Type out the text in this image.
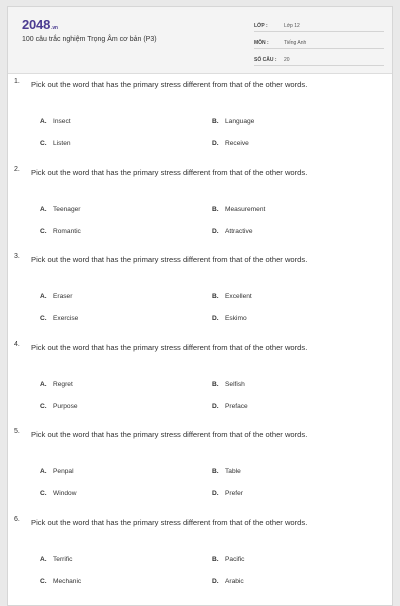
2048.vn
100 câu trắc nghiệm Trọng Âm cơ bản (P3)
LỚP :	Lớp 12
MÔN :	Tiếng Anh
SỐ CÂU :	20
1. Pick out the word that has the primary stress different from that of the other words.
A. Insect	B. Language
C. Listen	D. Receive
2. Pick out the word that has the primary stress different from that of the other words.
A. Teenager	B. Measurement
C. Romantic	D. Attractive
3. Pick out the word that has the primary stress different from that of the other words.
A. Eraser	B. Excellent
C. Exercise	D. Eskimo
4. Pick out the word that has the primary stress different from that of the other words.
A. Regret	B. Selfish
C. Purpose	D. Preface
5. Pick out the word that has the primary stress different from that of the other words.
A. Penpal	B. Table
C. Window	D. Prefer
6. Pick out the word that has the primary stress different from that of the other words.
A. Terrific	B. Pacific
C. Mechanic	D. Arabic
